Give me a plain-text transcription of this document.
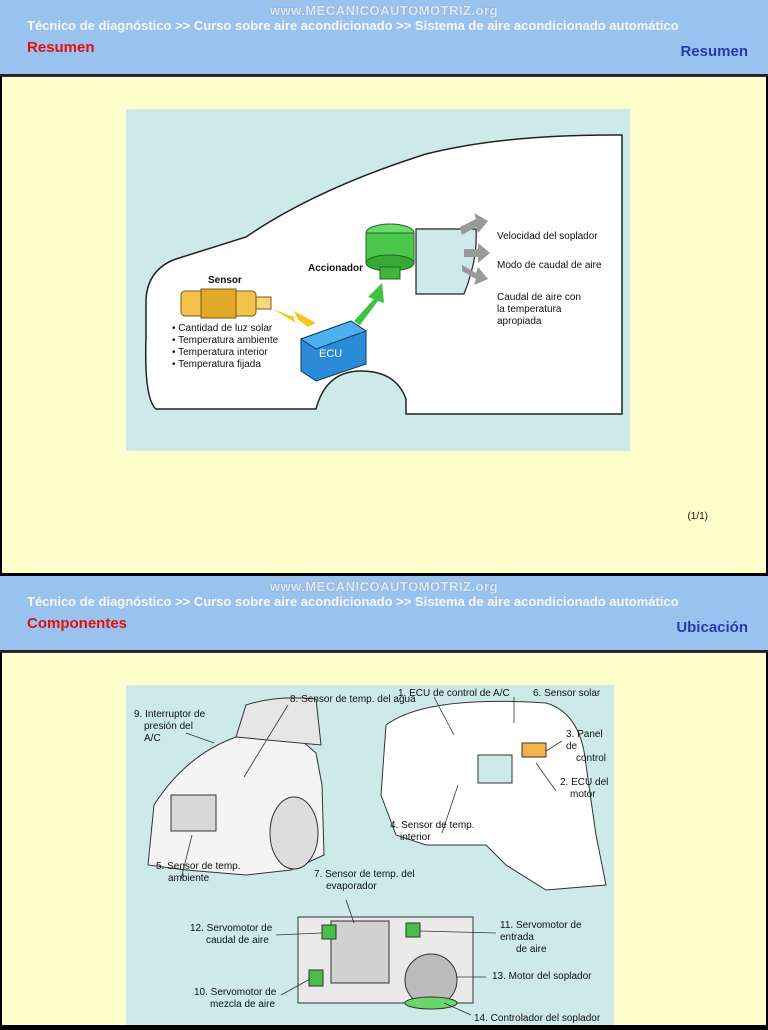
www.MECANICOAUTOMOTRIZ.org
Técnico de diagnóstico >> Curso sobre aire acondicionado >> Sistema de aire acondicionado automático
Resumen	Resumen
Sensor
Accionador
ECU
• Cantidad de luz solar
• Temperatura ambiente
• Temperatura interior
• Temperatura fijada
Velocidad del soplador
Modo de caudal de aire
Caudal de aire con
la temperatura
apropiada
(1/1)
www.MECANICOAUTOMOTRIZ.org
Técnico de diagnóstico >> Curso sobre aire acondicionado >> Sistema de aire acondicionado automático
Componentes	Ubicación
1. ECU de control de A/C 6. Sensor solar
8. Sensor de temp. del agua
9. Interruptor de
presión del
A/C	3. Panel de
control
2. ECU del
motor
4. Sensor de temp.
interior
5. Sensor de temp.
ambiente	7. Sensor de temp. del
evaporador
12. Servomotor de
caudal de aire
11. Servomotor de entrada
de aire
13. Motor del soplador
10. Servomotor de
mezcla de aire
14. Controlador del soplador
